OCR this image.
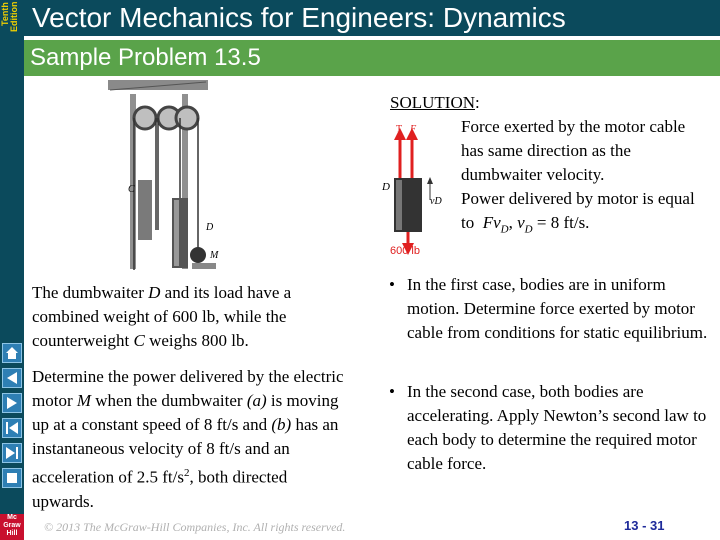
Tenth Edition Vector Mechanics for Engineers: Dynamics
Sample Problem 13.5
Mc
Graw
Hill
C
D
M
The dumbwaiter D and its load have a combined weight of 600 lb, while the counterweight C weighs 800 lb.
Determine the power delivered by the electric motor M when the dumbwaiter (a) is moving up at a constant speed of 8 ft/s and (b) has an instantaneous velocity of 8 ft/s and an acceleration of 2.5 $ft/s^2$, both directed upwards.
SOLUTION:
T F
D
vD
600 lb
Force exerted by the motor cable has same direction as the dumbwaiter velocity.
Power delivered by motor is equal to $Fv_D$, $v_D = 8$ ft/s.
• In the first case, bodies are in uniform motion. Determine force exerted by motor cable from conditions for static equilibrium.
• In the second case, both bodies are accelerating. Apply Newton’s second law to each body to determine the required motor cable force.
© 2013 The McGraw-Hill Companies, Inc. All rights reserved.	13 - 31
